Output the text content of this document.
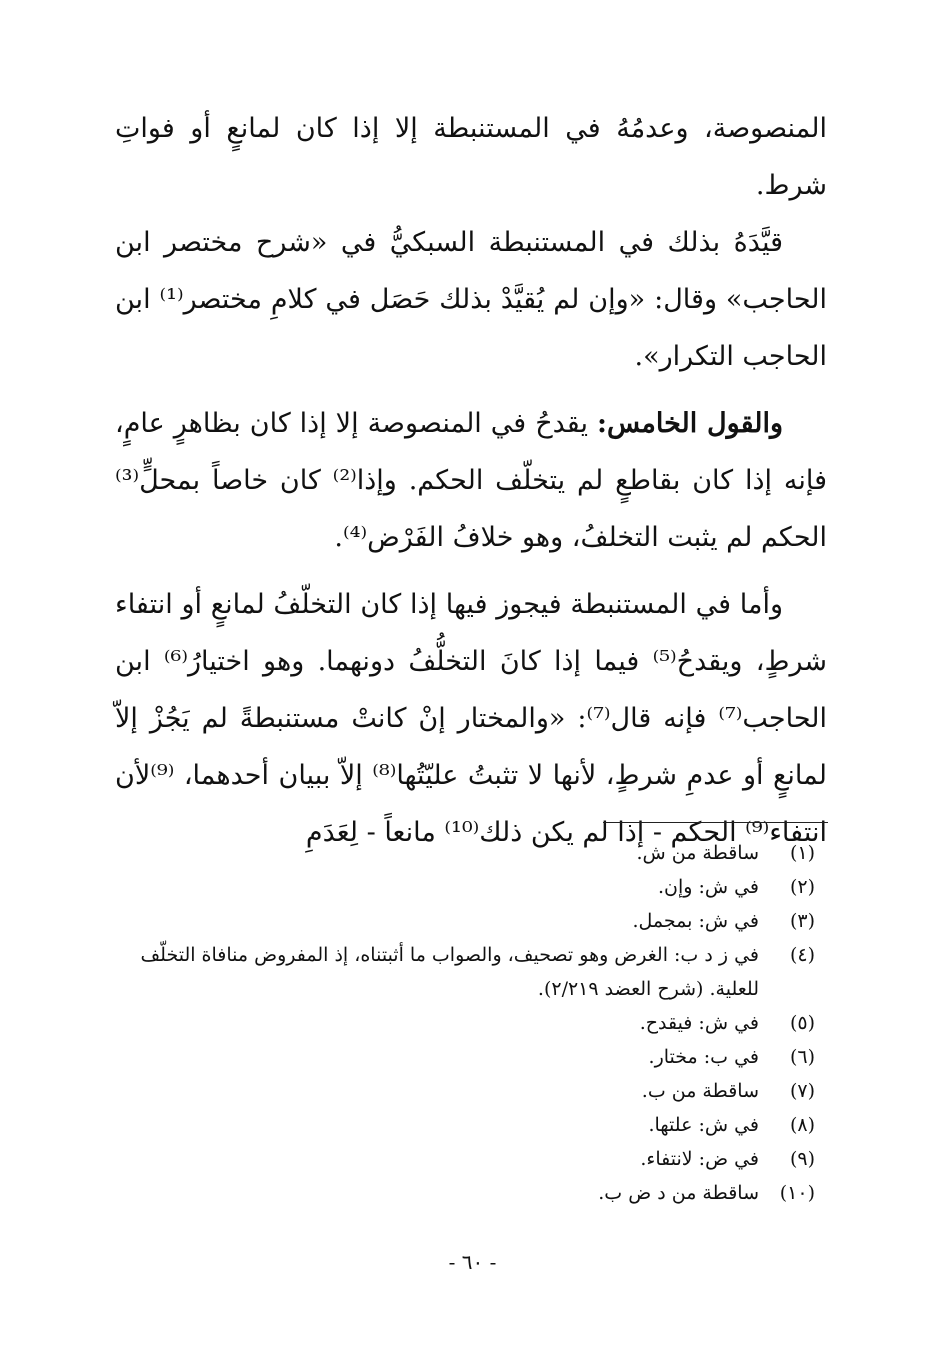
المنصوصة، وعدمُهُ في المستنبطة إلا إذا كان لمانعٍ أو فواتِ شرط.

قيَّدَهُ بذلك في المستنبطة السبكيُّ في «شرح مختصر ابن الحاجب» وقال: «وإن لم يُقيَّدْ بذلك حَصَل في كلامِ مختصر⁽¹⁾ ابن الحاجب التكرار».

والقول الخامس: يقدحُ في المنصوصة إلا إذا كان بظاهرٍ عامٍ، فإنه إذا كان بقاطعٍ لم يتخلّف الحكم. وإذا⁽²⁾ كان خاصاً بمحلٍّ⁽³⁾ الحكم لم يثبت التخلفُ، وهو خلافُ الفَرْض⁽⁴⁾.

وأما في المستنبطة فيجوز فيها إذا كان التخلّفُ لمانعٍ أو انتفاء شرطٍ، ويقدحُ⁽⁵⁾ فيما إذا كانَ التخلُّفُ دونهما. وهو اختيارُ⁽⁶⁾ ابن الحاجب⁽⁷⁾ فإنه قال⁽⁷⁾: «والمختار إنْ كانتْ مستنبطةً لم يَجُزْ إلاّ لمانعٍ أو عدمِ شرطٍ، لأنها لا تثبتُ عليّتُها⁽⁸⁾ إلاّ ببيان أحدهما، ⁽⁹⁾لأن انتفاء⁽⁹⁾ الحكم - إذا لم يكن ذلك⁽¹⁰⁾ مانعاً - لِعَدَمِ

(١)
ساقطة من ش.
(٢)
في ش: وإن.
(٣)
في ش: بمجمل.
(٤)
في ز د ب: الغرض وهو تصحيف، والصواب ما أثبتناه، إذ المفروض منافاة التخلّف للعلية. (شرح العضد ٢/٢١٩).
(٥)
في ش: فيقدح.
(٦)
في ب: مختار.
(٧)
ساقطة من ب.
(٨)
في ش: علتها.
(٩)
في ض: لانتفاء.
(١٠)
ساقطة من د ض ب.
- ٦٠ -
